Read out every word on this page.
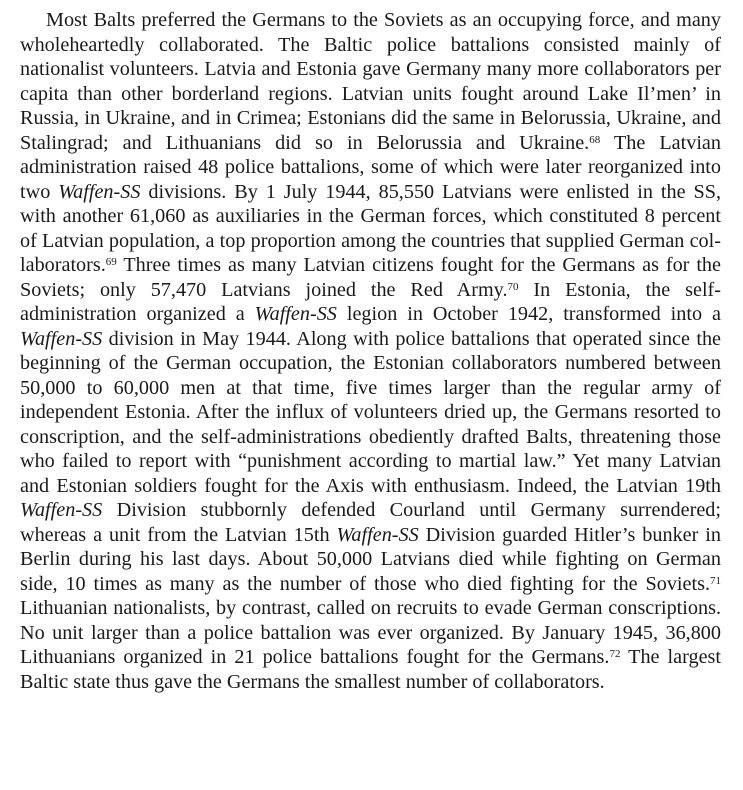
Most Balts preferred the Germans to the Soviets as an occupying force, and many wholeheartedly collaborated. The Baltic police battalions consisted mainly of nationalist volunteers. Latvia and Estonia gave Germany many more collaborators per capita than other borderland regions. Latvian units fought around Lake Il’men’ in Russia, in Ukraine, and in Crimea; Estonians did the same in Belorussia, Ukraine, and Stalingrad; and Lithuanians did so in Belorussia and Ukraine.$^{68}$ The Latvian administration raised 48 police battalions, some of which were later reorganized into two Waffen-SS divisions. By 1 July 1944, 85,550 Latvians were enlisted in the SS, with another 61,060 as auxiliaries in the German forces, which constituted 8 percent of Latvian population, a top proportion among the countries that supplied German collaborators.$^{69}$ Three times as many Latvian citizens fought for the Germans as for the Soviets; only 57,470 Latvians joined the Red Army.$^{70}$ In Estonia, the self-administration organized a Waffen-SS legion in October 1942, transformed into a Waffen-SS division in May 1944. Along with police battalions that operated since the beginning of the German occupation, the Estonian collaborators numbered between 50,000 to 60,000 men at that time, five times larger than the regular army of independent Estonia. After the influx of volunteers dried up, the Germans resorted to conscription, and the self-administrations obediently drafted Balts, threatening those who failed to report with “punishment according to martial law.” Yet many Latvian and Estonian soldiers fought for the Axis with enthusiasm. Indeed, the Latvian 19th Waffen-SS Division stubbornly defended Courland until Germany surrendered; whereas a unit from the Latvian 15th Waffen-SS Division guarded Hitler’s bunker in Berlin during his last days. About 50,000 Latvians died while fighting on German side, 10 times as many as the number of those who died fighting for the Soviets.$^{71}$ Lithuanian nationalists, by contrast, called on recruits to evade German conscriptions. No unit larger than a police battalion was ever organized. By January 1945, 36,800 Lithuanians organized in 21 police battalions fought for the Germans.$^{72}$ The largest Baltic state thus gave the Germans the smallest number of collaborators.
